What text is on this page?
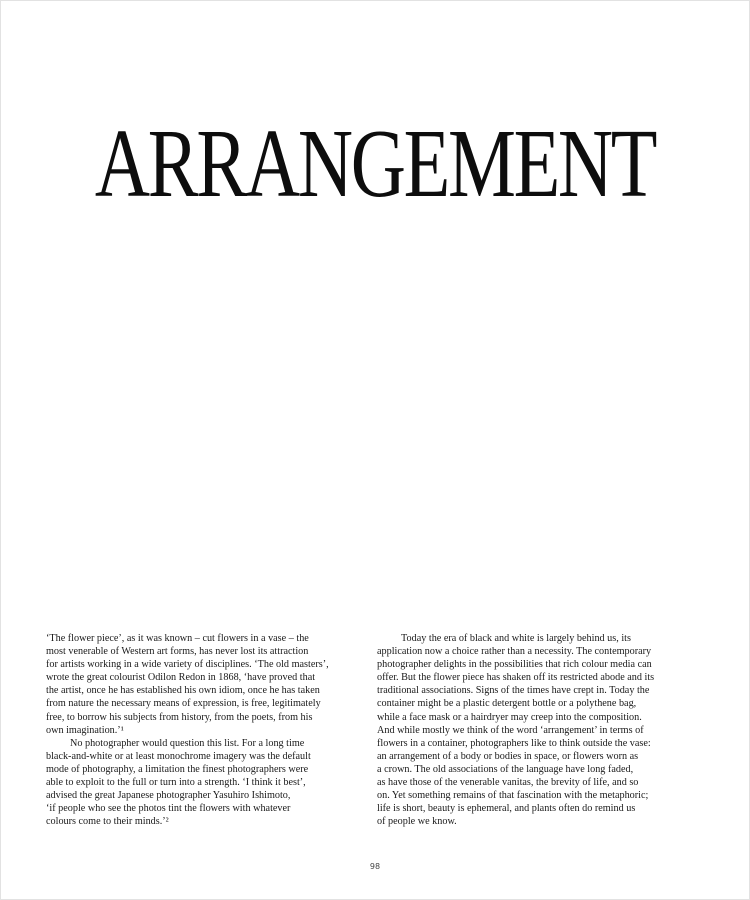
ARRANGEMENT

‘The flower piece’, as it was known – cut flowers in a vase – the
most venerable of Western art forms, has never lost its attraction
for artists working in a wide variety of disciplines. ‘The old masters’,
wrote the great colourist Odilon Redon in 1868, ‘have proved that
the artist, once he has established his own idiom, once he has taken
from nature the necessary means of expression, is free, legitimately
free, to borrow his subjects from history, from the poets, from his
own imagination.’¹

No photographer would question this list. For a long time
black-and-white or at least monochrome imagery was the default
mode of photography, a limitation the finest photographers were
able to exploit to the full or turn into a strength. ‘I think it best’,
advised the great Japanese photographer Yasuhiro Ishimoto,
‘if people who see the photos tint the flowers with whatever
colours come to their minds.’²

Today the era of black and white is largely behind us, its
application now a choice rather than a necessity. The contemporary
photographer delights in the possibilities that rich colour media can
offer. But the flower piece has shaken off its restricted abode and its
traditional associations. Signs of the times have crept in. Today the
container might be a plastic detergent bottle or a polythene bag,
while a face mask or a hairdryer may creep into the composition.
And while mostly we think of the word ‘arrangement’ in terms of
flowers in a container, photographers like to think outside the vase:
an arrangement of a body or bodies in space, or flowers worn as
a crown. The old associations of the language have long faded,
as have those of the venerable vanitas, the brevity of life, and so
on. Yet something remains of that fascination with the metaphoric;
life is short, beauty is ephemeral, and plants often do remind us
of people we know.

98
